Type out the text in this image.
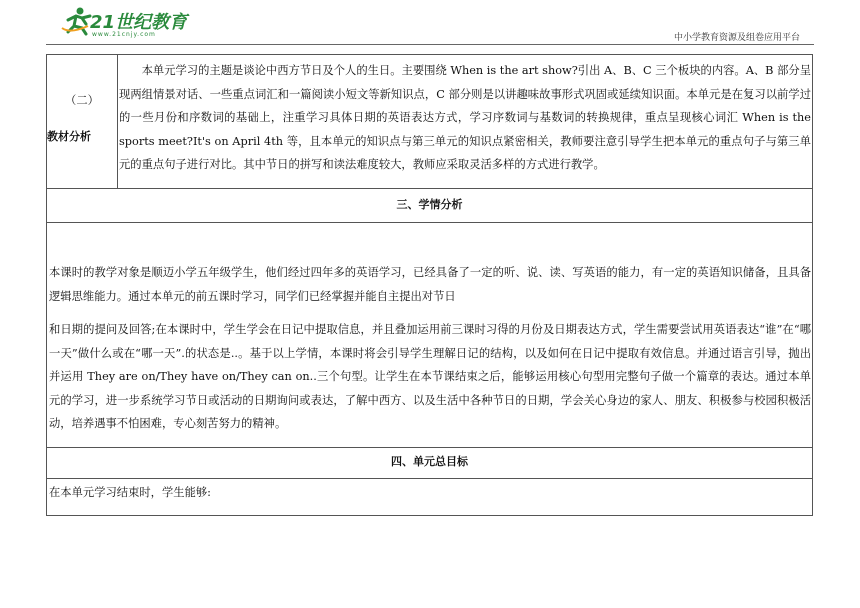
21世纪教育
www.21cnjy.com	中小学教育资源及组卷应用平台
（二）
教材分析

本单元学习的主题是谈论中西方节日及个人的生日。主要围绕 When is the art show?引出 A、B、C 三个板块的内容。A、B 部分呈现两组情景对话、一些重点词汇和一篇阅读小短文等新知识点，C 部分则是以讲趣味故事形式巩固或延续知识面。本单元是在复习以前学过的一些月份和序数词的基础上，注重学习具体日期的英语表达方式，学习序数词与基数词的转换规律，重点呈现核心词汇 When is the sports meet?It's on April 4th 等，且本单元的知识点与第三单元的知识点紧密相关，教师要注意引导学生把本单元的重点句子与第三单元的重点句子进行对比。其中节日的拼写和读法难度较大，教师应采取灵活多样的方式进行教学。

三、学情分析

本课时的教学对象是顺迈小学五年级学生，他们经过四年多的英语学习，已经具备了一定的听、说、读、写英语的能力，有一定的英语知识储备，且具备逻辑思维能力。通过本单元的前五课时学习，同学们已经掌握并能自主提出对节日

和日期的提问及回答;在本课时中，学生学会在日记中提取信息，并且叠加运用前三课时习得的月份及日期表达方式，学生需要尝试用英语表达“谁”在“哪一天”做什么或在“哪一天”.的状态是..。基于以上学情，本课时将会引导学生理解日记的结构，以及如何在日记中提取有效信息。并通过语言引导，抛出并运用 They are on/They have on/They can on..三个句型。让学生在本节课结束之后，能够运用核心句型用完整句子做一个篇章的表达。通过本单元的学习，进一步系统学习节日或活动的日期询问或表达，了解中西方、以及生活中各种节日的日期，学会关心身边的家人、朋友、积极参与校园积极活动，培养遇事不怕困难，专心刻苦努力的精神。

四、单元总目标

在本单元学习结束时，学生能够:
